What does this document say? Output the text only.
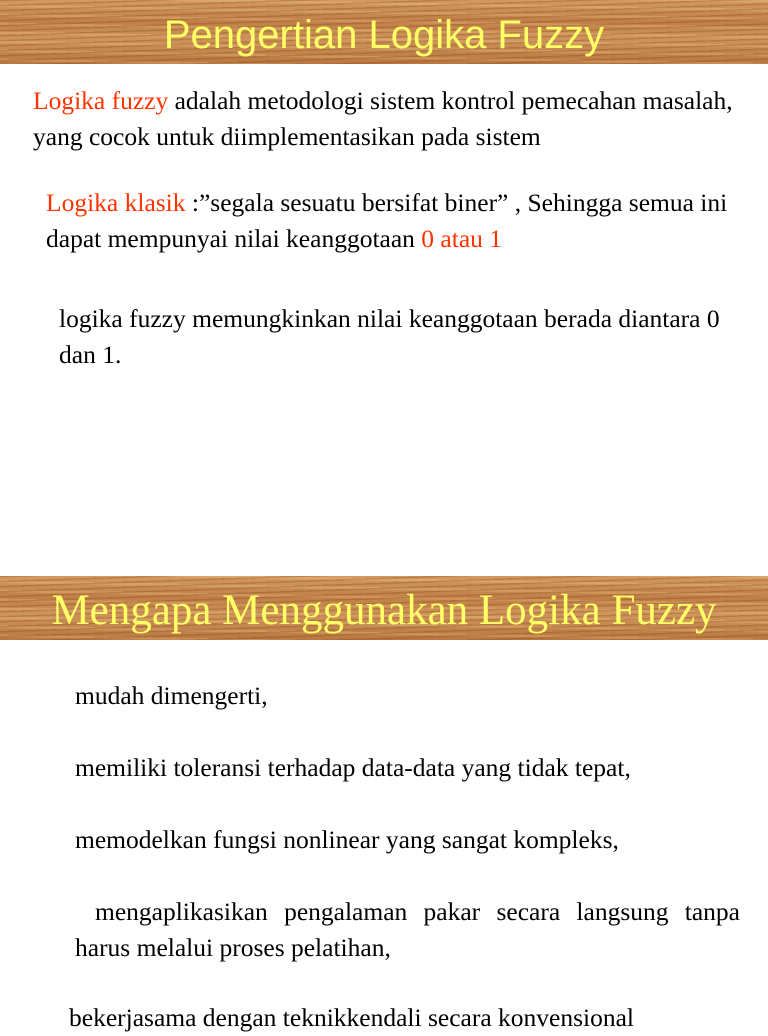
Pengertian Logika Fuzzy
Logika fuzzy adalah metodologi sistem kontrol pemecahan masalah, yang cocok untuk diimplementasikan pada sistem
Logika klasik :”segala sesuatu bersifat biner” , Sehingga semua ini dapat mempunyai nilai keanggotaan 0 atau 1
logika fuzzy memungkinkan nilai keanggotaan berada diantara 0 dan 1.
Mengapa Menggunakan Logika Fuzzy
mudah dimengerti,
memiliki toleransi terhadap data-data yang tidak tepat,
memodelkan fungsi nonlinear yang sangat kompleks,
mengaplikasikan pengalaman pakar secara langsung tanpa harus melalui proses pelatihan,
bekerjasama dengan teknikkendali secara konvensional
